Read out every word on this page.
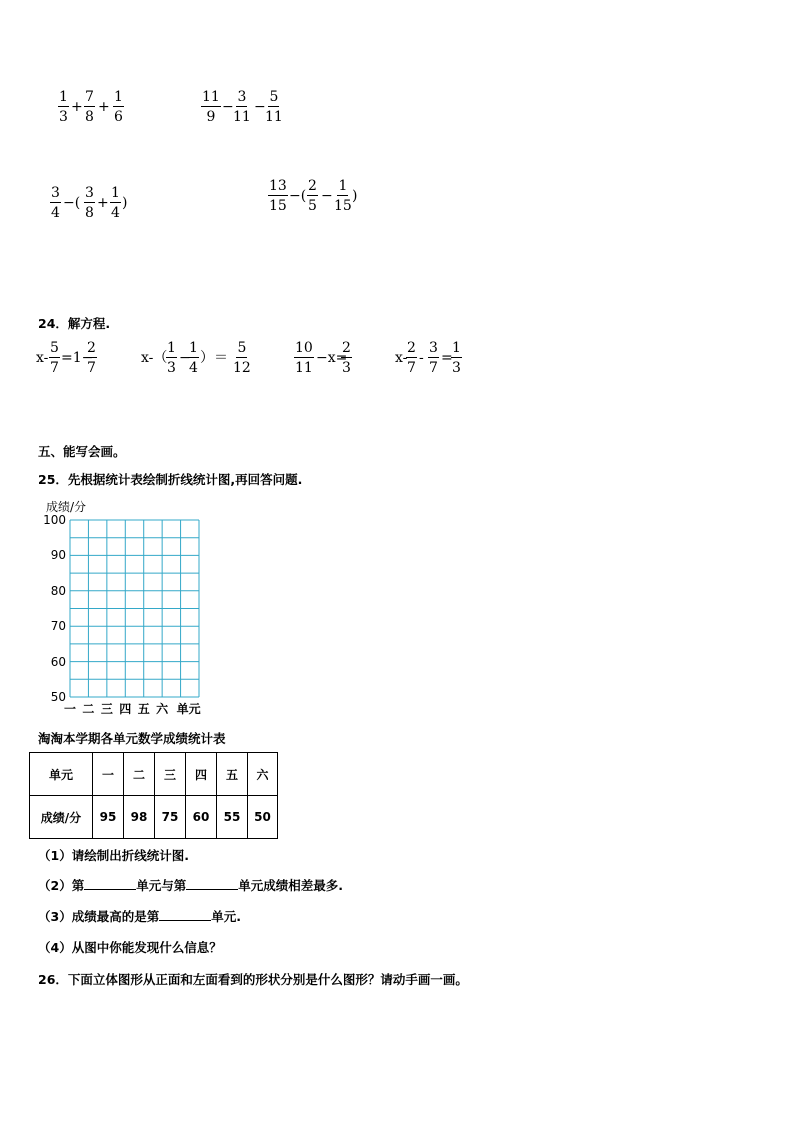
$\frac{1}{3} + \frac{7}{8} + \frac{1}{6}$	$\frac{11}{9}$ −
$\frac{3}{11}$ −
$\frac{5}{11}$
$\frac{3}{4}$ −( $\frac{3}{8} + \frac{1}{4}$ )	$\frac{13}{15}$ −( $\frac{2}{5} - \frac{1}{15}$ )
24．解方程.
$x- \frac{5}{7} =1-$
$\frac{2}{7}$	x-（
$\frac{1}{3}$ −
$\frac{1}{4}$ ）＝ $\frac{5}{12}$	$\frac{10}{11} -x=$
$\frac{2}{3}$	x-
$\frac{2}{7} - \frac{3}{7}$ =
$\frac{1}{3}$
五、能写会画。
25．先根据统计表绘制折线统计图,再回答问题.
成绩/分
100
90
80
70
60
50
一 二 三 四 五 六 单元
淘淘本学期各单元数学成绩统计表
单元	一	二	三	四	五	六
成绩/分	95	98	75	60	55	50
（1）请绘制出折线统计图.
（2）第	单元与第	单元成绩相差最多.
（3）成绩最高的是第	单元.
（4）从图中你能发现什么信息？
26．下面立体图形从正面和左面看到的形状分别是什么图形？请动手画一画。
